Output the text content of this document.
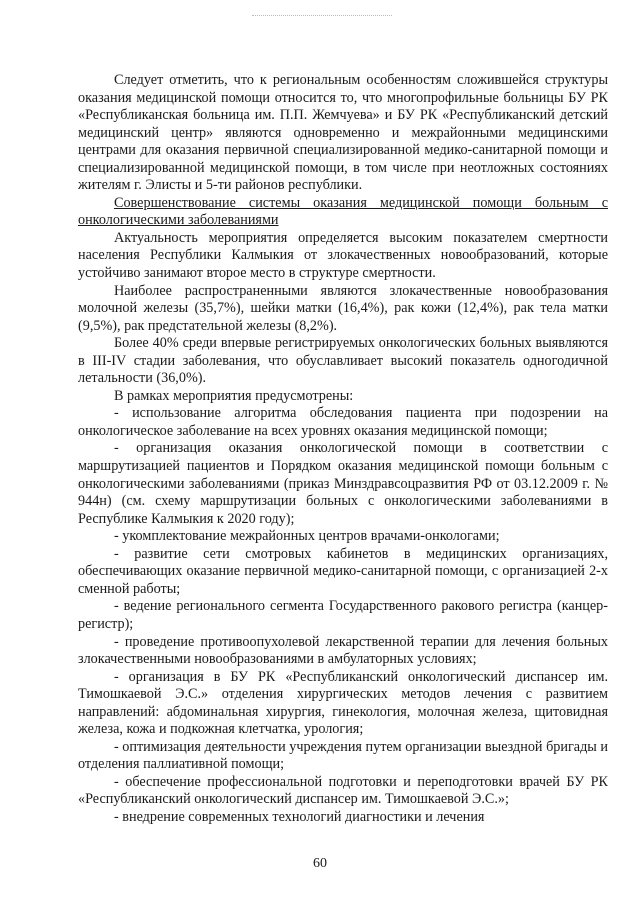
Следует отметить, что к региональным особенностям сложившейся структуры оказания медицинской помощи относится то, что многопрофильные больницы БУ РК «Республиканская больница им. П.П. Жемчуева» и БУ РК «Республиканский детский медицинский центр» являются одновременно и межрайонными медицинскими центрами для оказания первичной специализированной медико-санитарной помощи и специализированной медицинской помощи, в том числе при неотложных состояниях жителям г. Элисты и 5-ти районов республики.

Совершенствование системы оказания медицинской помощи больным с онкологическими заболеваниями

Актуальность мероприятия определяется высоким показателем смертности населения Республики Калмыкия от злокачественных новообразований, которые устойчиво занимают второе место в структуре смертности.

Наиболее распространенными являются злокачественные новообразования молочной железы (35,7%), шейки матки (16,4%), рак кожи (12,4%), рак тела матки (9,5%), рак предстательной железы (8,2%).

Более 40% среди впервые регистрируемых онкологических больных выявляются в III-IV стадии заболевания, что обуславливает высокий показатель одногодичной летальности (36,0%).

В рамках мероприятия предусмотрены:

- использование алгоритма обследования пациента при подозрении на онкологическое заболевание на всех уровнях оказания медицинской помощи;

- организация оказания онкологической помощи в соответствии с маршрутизацией пациентов и Порядком оказания медицинской помощи больным с онкологическими заболеваниями (приказ Минздравсоцразвития РФ от 03.12.2009 г. № 944н) (см. схему маршрутизации больных с онкологическими заболеваниями в Республике Калмыкия к 2020 году);

- укомплектование межрайонных центров врачами-онкологами;

- развитие сети смотровых кабинетов в медицинских организациях, обеспечивающих оказание первичной медико-санитарной помощи, с организацией 2-х сменной работы;

- ведение регионального сегмента Государственного ракового регистра (канцер-регистр);

- проведение противоопухолевой лекарственной терапии для лечения больных злокачественными новообразованиями в амбулаторных условиях;

- организация в БУ РК «Республиканский онкологический диспансер им. Тимошкаевой Э.С.» отделения хирургических методов лечения с развитием направлений: абдоминальная хирургия, гинекология, молочная железа, щитовидная железа, кожа и подкожная клетчатка, урология;

- оптимизация деятельности учреждения путем организации выездной бригады и отделения паллиативной помощи;

- обеспечение профессиональной подготовки и переподготовки врачей БУ РК «Республиканский онкологический диспансер им. Тимошкаевой Э.С.»;

- внедрение современных технологий диагностики и лечения

60
